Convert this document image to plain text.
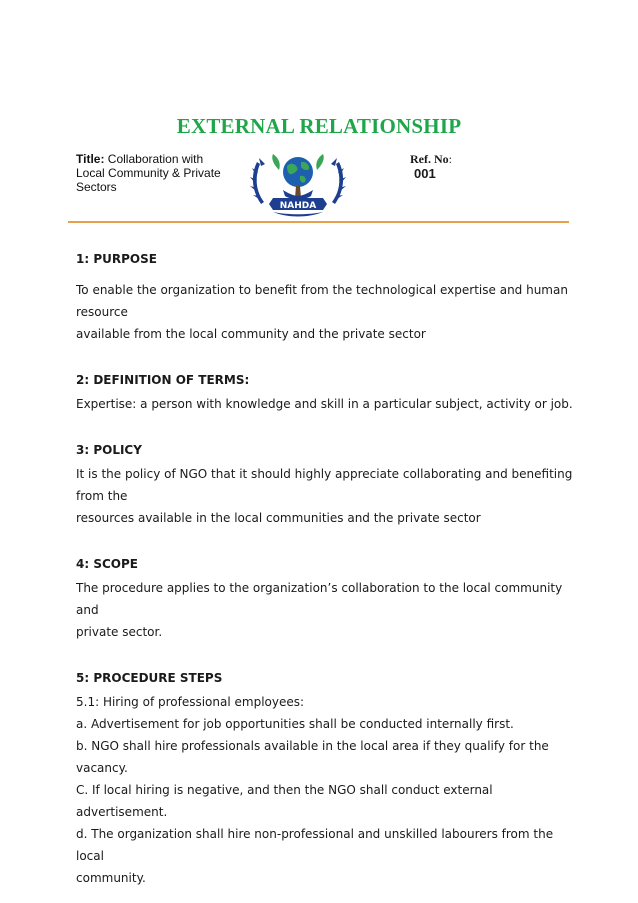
EXTERNAL RELATIONSHIP
Title: Collaboration with
Local Community & Private
Sectors
NAHDA
Ref. No:
001
1: PURPOSE
To enable the organization to benefit from the technological expertise and human resource
available from the local community and the private sector
2: DEFINITION OF TERMS:
Expertise: a person with knowledge and skill in a particular subject, activity or job.
3: POLICY
It is the policy of NGO that it should highly appreciate collaborating and benefiting from the
resources available in the local communities and the private sector
4: SCOPE
The procedure applies to the organization’s collaboration to the local community and
private sector.
5: PROCEDURE STEPS
5.1: Hiring of professional employees:
a. Advertisement for job opportunities shall be conducted internally first.
b. NGO shall hire professionals available in the local area if they qualify for the vacancy.
C. If local hiring is negative, and then the NGO shall conduct external advertisement.
d. The organization shall hire non-professional and unskilled labourers from the local
community.
